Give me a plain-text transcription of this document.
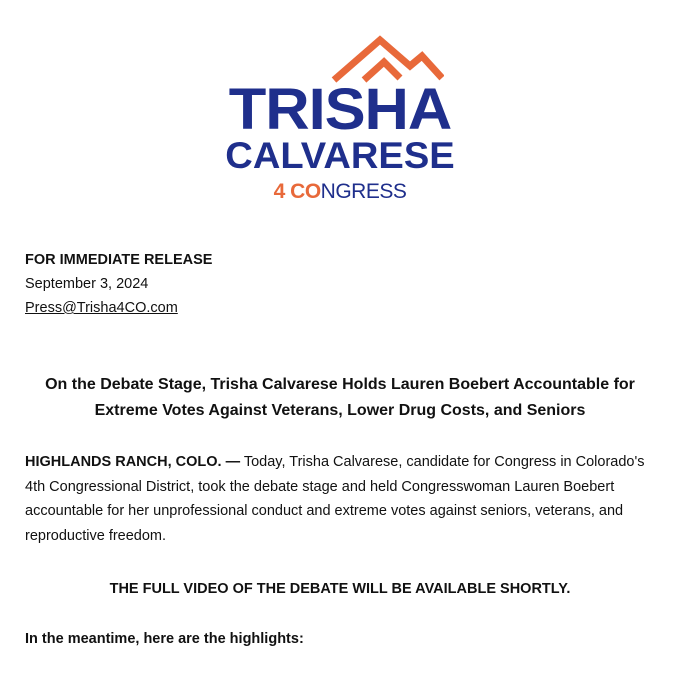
TRISHA
CALVARESE
4 CONGRESS
FOR IMMEDIATE RELEASE
September 3, 2024
Press@Trisha4CO.com
On the Debate Stage, Trisha Calvarese Holds Lauren Boebert Accountable for Extreme Votes Against Veterans, Lower Drug Costs, and Seniors
HIGHLANDS RANCH, COLO. — Today, Trisha Calvarese, candidate for Congress in Colorado's 4th Congressional District, took the debate stage and held Congresswoman Lauren Boebert accountable for her unprofessional conduct and extreme votes against seniors, veterans, and reproductive freedom.
THE FULL VIDEO OF THE DEBATE WILL BE AVAILABLE SHORTLY.
In the meantime, here are the highlights:
